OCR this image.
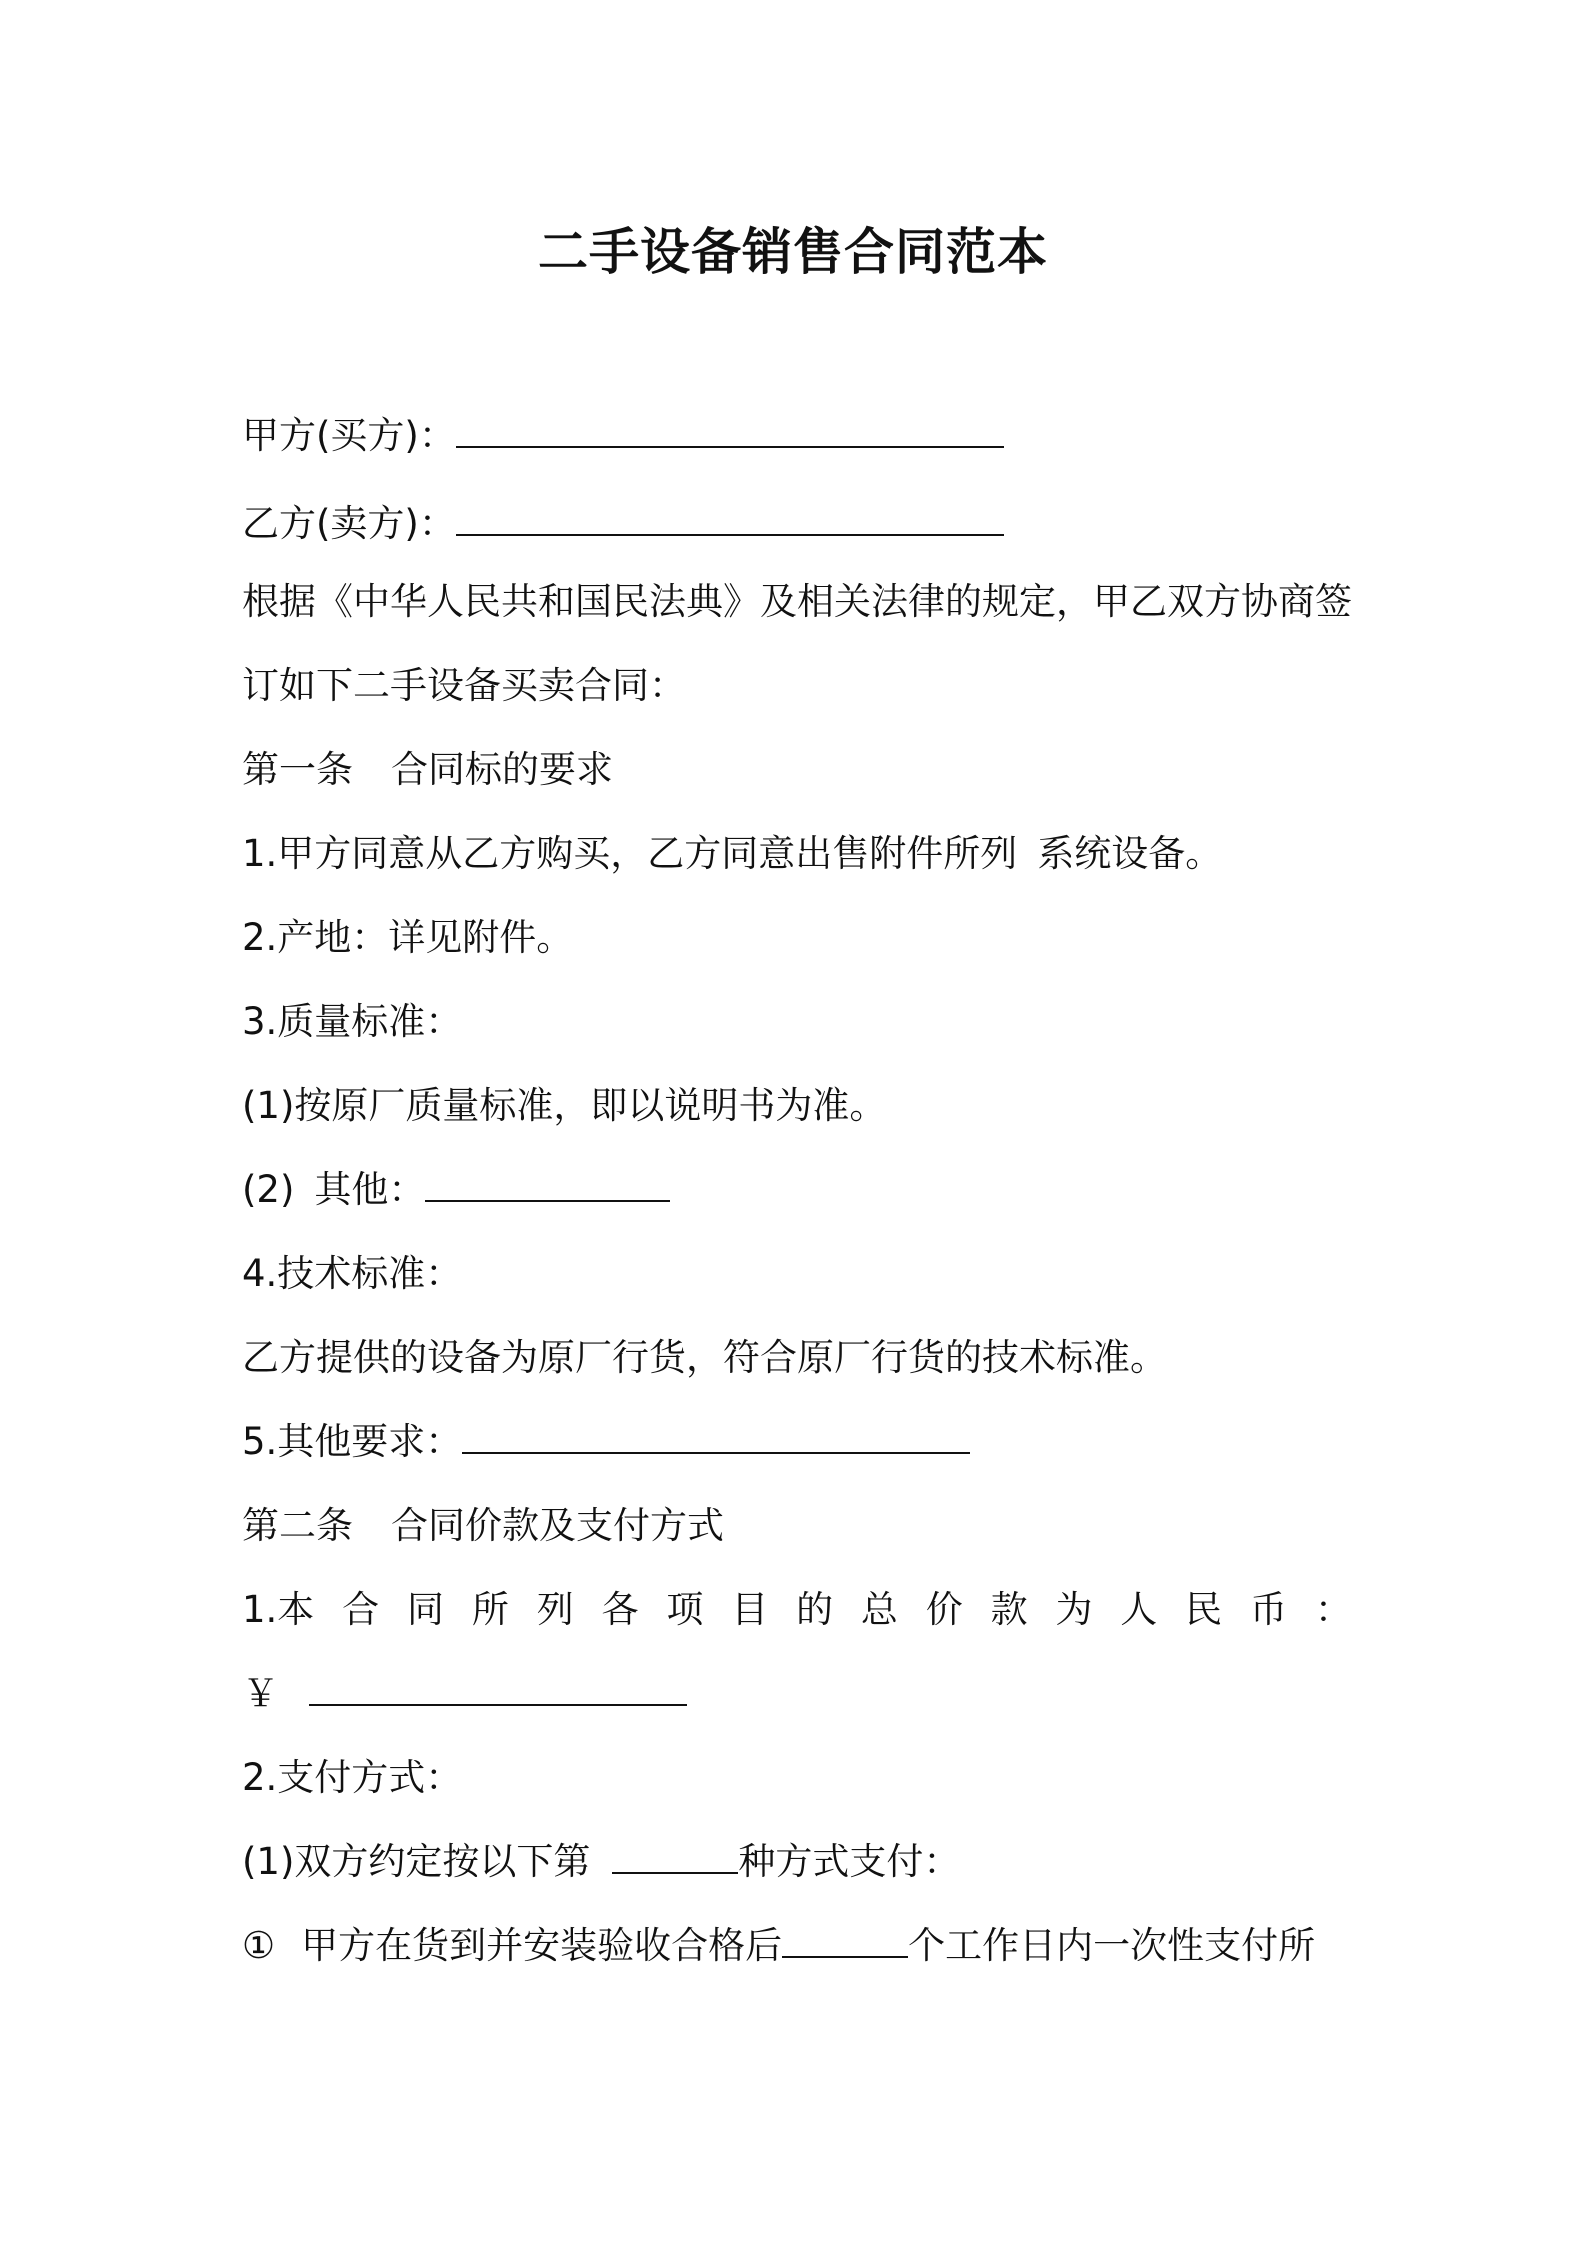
二手设备销售合同范本

甲方(买方)：

乙方(卖方)：

根据《中华人民共和国民法典》及相关法律的规定，甲乙双方协商签

订如下二手设备买卖合同：

第一条 合同标的要求

1.甲方同意从乙方购买，乙方同意出售附件所列 系统设备。

2.产地：详见附件。

3.质量标准：

(1)按原厂质量标准，即以说明书为准。

(2) 其他：

4.技术标准：

乙方提供的设备为原厂行货，符合原厂行货的技术标准。

5.其他要求：

第二条 合同价款及支付方式

1.本 合 同 所 列 各 项 目 的 总 价 款 为 人 民 币 ：

￥

2.支付方式：

(1)双方约定按以下第	种方式支付：

① 甲方在货到并安装验收合格后	个工作日内一次性支付所
